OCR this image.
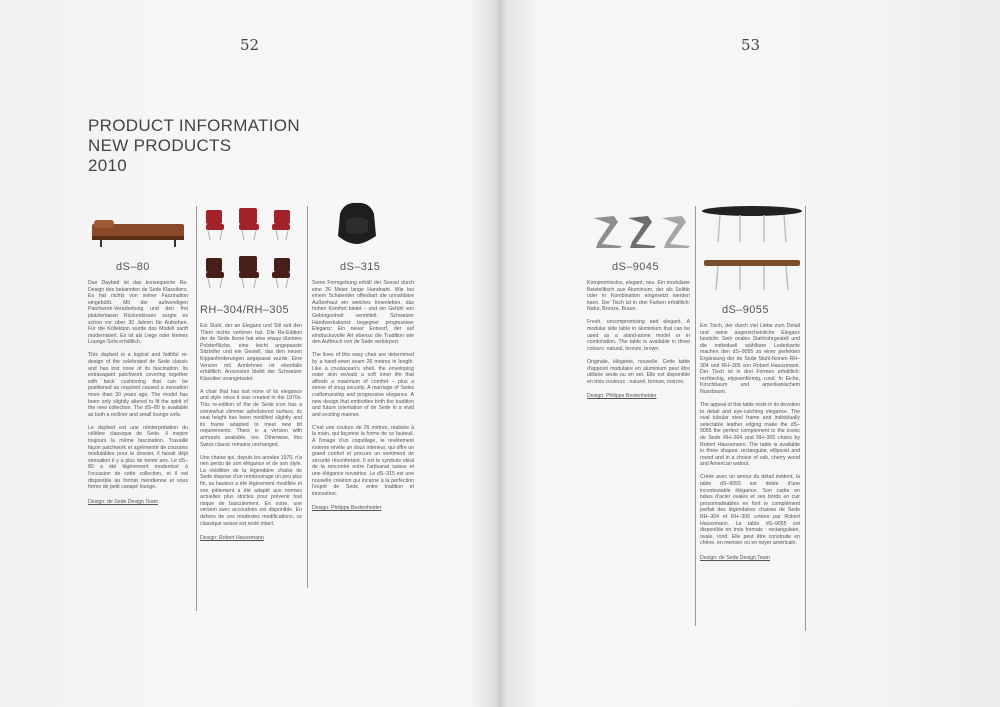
52
PRODUCT INFORMATION
NEW PRODUCTS
2010
dS–80

Das Daybed ist das konsequente Re-Design des bekannten de Sede Klassikers. Es hat nichts von seiner Faszination eingebüßt. Mit der aufwendigen Patchwork-Verarbeitung und den frei platzierbaren Rückenkissen sorgte es schon vor über 30 Jahren für Aufsehen. Für die Kollektion wurde das Modell sanft modernisiert. Es ist als Liege oder kleines Lounge-Sofa erhältlich.

This daybed is a logical and faithful re-design of the celebrated de Sede classic and has lost none of its fascination. Its extravagant patchwork covering together with back cushioning that can be positioned as required caused a sensation more than 30 years ago. The model has been only slightly altered to fit the spirit of the new collection. The dS–80 is available as both a recliner and small lounge sofa.

Le daybed est une réinterprétation du célèbre classique de Sede. Il inspire toujours la même fascination. Travaillé façon patchwork et agrémenté de coussins modulables pour le dossier, il faisait déjà sensation il y a plus de trente ans. Le dS–80 a été légèrement modernisé à l'occasion de cette collection, et il est disponible au format méridienne et sous forme de petit canapé lounge.

Design: de Sede Design Team

RH–304/RH–305

Ein Stuhl, der an Eleganz und Stil seit den 70ern nichts verloren hat. Die Re-Edition der de Sede Ikone hat eine etwas dünnere Polsterfläche, eine leicht angepasste Sitzhöhe und ein Gestell, das den neuen Kippanforderungen angepasst wurde. Eine Version mit Armlehnen ist ebenfalls erhältlich. Ansonsten bleibt der Schweizer Klassiker unangetastet.

A chair that has lost none of its elegance and style since it was created in the 1970s. This re-edition of the de Sede icon has a somewhat slimmer upholstered surface, its seat height has been modified slightly and its frame adapted to meet new tilt requirements. There is a version with armrests available, too. Otherwise, this Swiss classic remains unchanged.

Une chaise qui, depuis les années 1970, n'a rien perdu de son élégance et de son style. La réédition de la légendaire chaise de Sede dispose d'un rembourrage un peu plus fin, sa hauteur a été légèrement modifiée et son piètement a été adapté aux normes actuelles plus strictes pour prévenir tout risque de basculement. En outre, une version avec accoudoirs est disponible. En dehors de ces modestes modifications, ce classique suisse est resté intact.

Design: Robert Haussmann

dS–315

Seine Formgebung erhält der Sessel durch eine 26 Meter lange Handnaht. Wie bei einem Schalentier offenbart die unnahbare Außenhaut ein weiches Innenleben, das hohen Komfort bietet – und ein Gefühl von Geborgenheit vermittelt. Schweizer Handwerkskunst begegnet progressiver Eleganz: Ein neuer Entwurf, der auf eindrucksvolle Art ebenso die Tradition wie den Aufbruch von de Sede verkörpert.

The lines of this easy chair are determined by a hand-sewn seam 26 metres in length. Like a crustacean's shell, the enveloping outer skin reveals a soft inner life that affords a maximum of comfort – plus a sense of snug security. A marriage of Swiss craftsmanship and progressive elegance. A new design that embodies both the tradition and future orientation of de Sede in a vivid and exciting manner.

C'est une couture de 26 mètres, réalisée à la main, qui façonne la forme de ce fauteuil. À l'image d'un coquillage, le revêtement externe révèle un doux intérieur, qui offre un grand confort et procure un sentiment de sécurité réconfortant. Il est le symbole idéal de la rencontre entre l'artisanat suisse et une élégance novatrice. Le dS–315 est une nouvelle création qui incarne à la perfection l'esprit de Sede, entre tradition et innovation.

Design: Philippe Bestenheider

53
dS–9045

Kompromisslos, elegant, neu. Ein modularer Beistelltisch aus Aluminium, der als Solitär oder in Kombination eingesetzt werden kann. Der Tisch ist in drei Farben erhältlich: Natur, Bronze, Braun.

Fresh, uncompromising and elegant. A modular side table in aluminium that can be used as a stand-alone model or in combination. The table is available in three colours: natural, bronze, brown.

Originale, élégante, nouvelle. Cette table d'appoint modulaire en aluminium peut être utilisée seule ou en set. Elle est disponible en trois couleurs : naturel, bronze, marron.

Design: Philippe Bestenheider

dS–9055

Ein Tisch, der durch viel Liebe zum Detail und seine augenscheinliche Eleganz besticht. Sein ovales Stahlrohrgestell und die individuell wählbare Lederkante machen den dS–9055 zu einer perfekten Ergänzung der de Sede Stuhl-Ikonen RH–304 und RH–305 von Robert Haussmann. Der Tisch ist in drei Formen erhältlich: rechteckig, elypsenförmig, rund. In Eiche, Kirschbaum und amerikanischem Nussbaum.

The appeal of this table rests in its devotion to detail and eye-catching elegance. The oval tubular steel frame and individually selectable leather edging make the dS–9055 the perfect complement to the iconic de Sede RH–304 and RH–305 chairs by Robert Haussmann. The table is available in three shapes: rectangular, ellipsoid and round and in a choice of oak, cherry wood and American walnut.

Créée avec un amour du détail évident, la table dS–9055 est dotée d'une incontestable élégance. Son cadre en tubes d'acier ovales et ses bords en cuir personnalisables en font le complément parfait des légendaires chaises de Sede RH–304 et RH–305 créées par Robert Haussmann. La table dS–9055 est disponible en trois formats : rectangulaire, ovale, rond. Elle peut être construite en chêne, en merisier ou en noyer américain.

Design: de Sede Design Team
